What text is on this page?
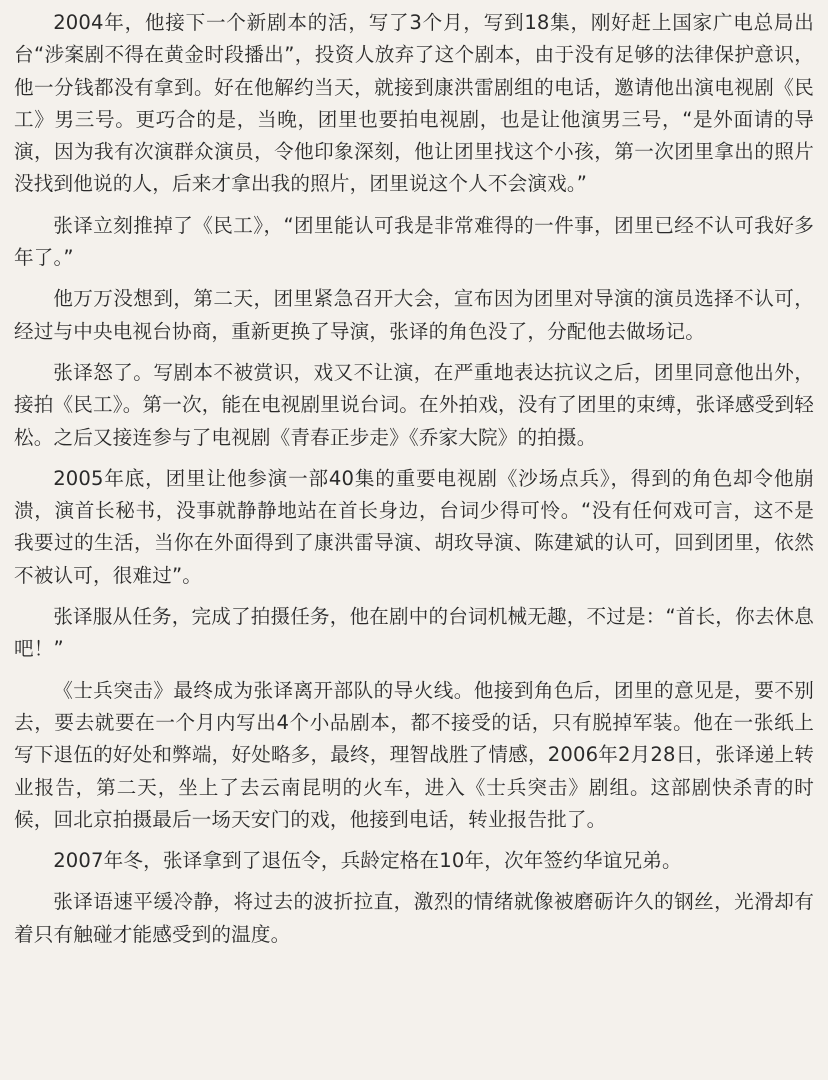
2004年，他接下一个新剧本的活，写了3个月，写到18集，刚好赶上国家广电总局出台“涉案剧不得在黄金时段播出”，投资人放弃了这个剧本，由于没有足够的法律保护意识，他一分钱都没有拿到。好在他解约当天，就接到康洪雷剧组的电话，邀请他出演电视剧《民工》男三号。更巧合的是，当晚，团里也要拍电视剧，也是让他演男三号，“是外面请的导演，因为我有次演群众演员，令他印象深刻，他让团里找这个小孩，第一次团里拿出的照片没找到他说的人，后来才拿出我的照片，团里说这个人不会演戏。”

张译立刻推掉了《民工》，“团里能认可我是非常难得的一件事，团里已经不认可我好多年了。”

他万万没想到，第二天，团里紧急召开大会，宣布因为团里对导演的演员选择不认可，经过与中央电视台协商，重新更换了导演，张译的角色没了，分配他去做场记。

张译怒了。写剧本不被赏识，戏又不让演，在严重地表达抗议之后，团里同意他出外，接拍《民工》。第一次，能在电视剧里说台词。在外拍戏，没有了团里的束缚，张译感受到轻松。之后又接连参与了电视剧《青春正步走》《乔家大院》的拍摄。

2005年底，团里让他参演一部40集的重要电视剧《沙场点兵》，得到的角色却令他崩溃，演首长秘书，没事就静静地站在首长身边，台词少得可怜。“没有任何戏可言，这不是我要过的生活，当你在外面得到了康洪雷导演、胡玫导演、陈建斌的认可，回到团里，依然不被认可，很难过”。

张译服从任务，完成了拍摄任务，他在剧中的台词机械无趣，不过是：“首长，你去休息吧！”

《士兵突击》最终成为张译离开部队的导火线。他接到角色后，团里的意见是，要不别去，要去就要在一个月内写出4个小品剧本，都不接受的话，只有脱掉军装。他在一张纸上写下退伍的好处和弊端，好处略多，最终，理智战胜了情感，2006年2月28日，张译递上转业报告，第二天，坐上了去云南昆明的火车，进入《士兵突击》剧组。这部剧快杀青的时候，回北京拍摄最后一场天安门的戏，他接到电话，转业报告批了。

2007年冬，张译拿到了退伍令，兵龄定格在10年，次年签约华谊兄弟。

张译语速平缓冷静，将过去的波折拉直，激烈的情绪就像被磨砺许久的钢丝，光滑却有着只有触碰才能感受到的温度。
